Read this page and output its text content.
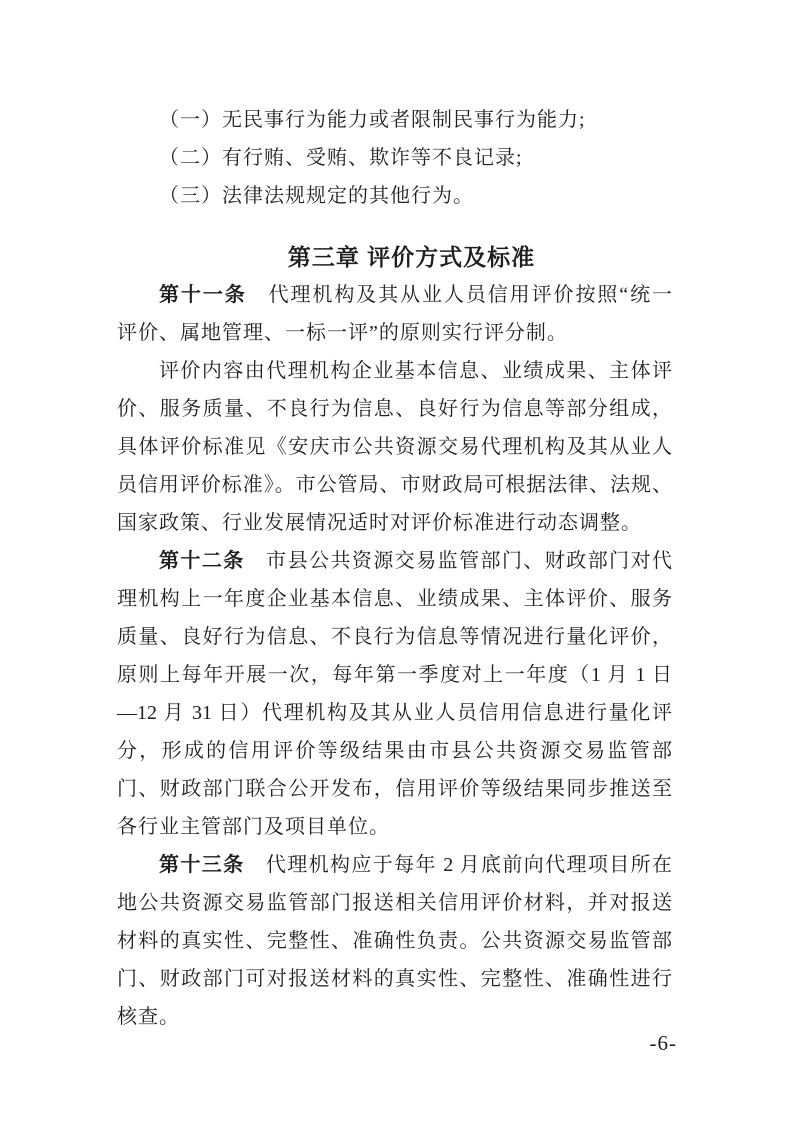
（一）无民事行为能力或者限制民事行为能力;
（二）有行贿、受贿、欺诈等不良记录;
（三）法律法规规定的其他行为。
第三章 评价方式及标准
第十一条　代理机构及其从业人员信用评价按照“统一
评价、属地管理、一标一评”的原则实行评分制。
评价内容由代理机构企业基本信息、业绩成果、主体评
价、服务质量、不良行为信息、良好行为信息等部分组成，
具体评价标准见《安庆市公共资源交易代理机构及其从业人
员信用评价标准》。市公管局、市财政局可根据法律、法规、
国家政策、行业发展情况适时对评价标准进行动态调整。
第十二条　市县公共资源交易监管部门、财政部门对代
理机构上一年度企业基本信息、业绩成果、主体评价、服务
质量、良好行为信息、不良行为信息等情况进行量化评价，
原则上每年开展一次，每年第一季度对上一年度（1 月 1 日
—12 月 31 日）代理机构及其从业人员信用信息进行量化评
分，形成的信用评价等级结果由市县公共资源交易监管部
门、财政部门联合公开发布，信用评价等级结果同步推送至
各行业主管部门及项目单位。
第十三条　代理机构应于每年 2 月底前向代理项目所在
地公共资源交易监管部门报送相关信用评价材料，并对报送
材料的真实性、完整性、准确性负责。公共资源交易监管部
门、财政部门可对报送材料的真实性、完整性、准确性进行
核查。
-6-
